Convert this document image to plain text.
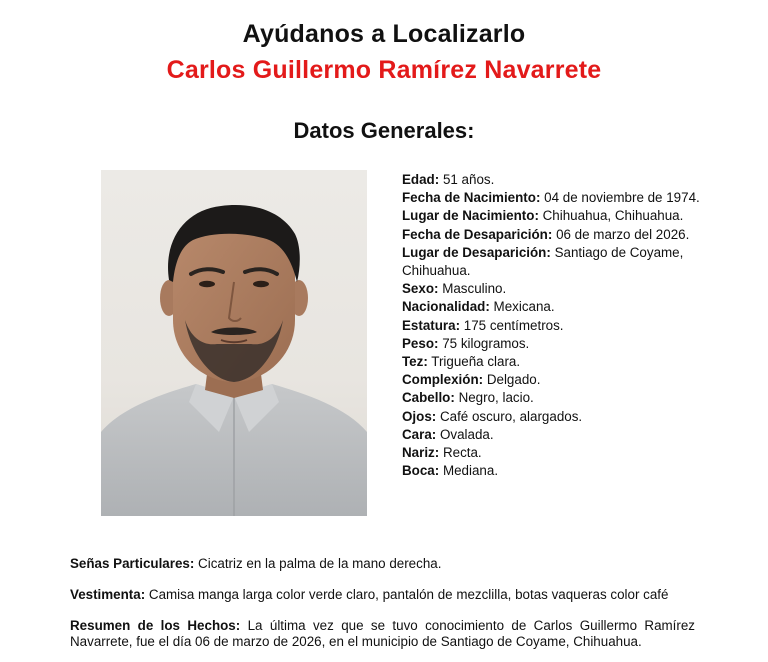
Ayúdanos a Localizarlo
Carlos Guillermo Ramírez Navarrete
Datos Generales:
Edad: 51 años.
Fecha de Nacimiento: 04 de noviembre de 1974.
Lugar de Nacimiento: Chihuahua, Chihuahua.
Fecha de Desaparición: 06 de marzo del 2026.
Lugar de Desaparición: Santiago de Coyame, Chihuahua.
Sexo: Masculino.
Nacionalidad: Mexicana.
Estatura: 175 centímetros.
Peso: 75 kilogramos.
Tez: Trigueña clara.
Complexión: Delgado.
Cabello: Negro, lacio.
Ojos: Café oscuro, alargados.
Cara: Ovalada.
Nariz: Recta.
Boca: Mediana.
Señas Particulares: Cicatriz en la palma de la mano derecha.
Vestimenta: Camisa manga larga color verde claro, pantalón de mezclilla, botas vaqueras color café
Resumen de los Hechos: La última vez que se tuvo conocimiento de Carlos Guillermo Ramírez Navarrete, fue el día 06 de marzo de 2026, en el municipio de Santiago de Coyame, Chihuahua.
